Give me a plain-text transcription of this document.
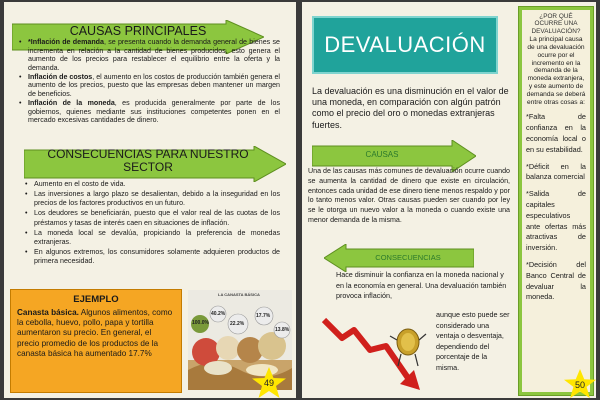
CAUSAS PRINCIPALES
• *Inflación de demanda, se presenta cuando la demanda general de bienes se incrementa en relación a la cantidad de bienes producidos, esto genera el aumento de los precios para restablecer el equilibrio entre la oferta y la demanda.
• Inflación de costos, el aumento en los costos de producción también genera el aumento de los precios, puesto que las empresas deben mantener un margen de beneficios.
• Inflación de la moneda, es producida generalmente por parte de los gobiernos, quienes mediante sus instituciones competentes ponen en el mercado excesivas cantidades de dinero.
CONSECUENCIAS PARA NUESTRO SECTOR
• Aumento en el costo de vida.
• Las inversiones a largo plazo se desalientan, debido a la inseguridad en los precios de los factores productivos en un futuro.
• Los deudores se beneficiarán, puesto que el valor real de las cuotas de los préstamos y tasas de interés caen en situaciones de inflación.
• La moneda local se devalúa, propiciando la preferencia de monedas extranjeras.
• En algunos extremos, los consumidores solamente adquieren productos de primera necesidad.
EJEMPLO
Canasta básica. Algunos alimentos, como la cebolla, huevo, pollo, papa y tortilla aumentaron su precio. En general, el precio promedio de los productos de la canasta básica ha aumentado 17.7%
LA CANASTA BÁSICA
100.0%	22.2%
17.7%
13.8%
40.2%
49
DEVALUACIÓN
La devaluación es una disminución en el valor de una moneda, en comparación con algún patrón como el precio del oro o monedas extranjeras fuertes.
CAUSAS
Una de las causas más comunes de devaluación ocurre cuando se aumenta la cantidad de dinero que existe en circulación, entonces cada unidad de ese dinero tiene menos respaldo y por lo tanto menos valor. Otras causas pueden ser cuando por ley se le otorga un nuevo valor a la moneda o cuando existe una menor demanda de la misma.
CONSECUENCIAS
Hace disminuir la confianza en la moneda nacional y en la economía en general. Una devaluación también provoca inflación,
aunque esto puede ser considerado una ventaja o desventaja, dependiendo del porcentaje de la misma.
¿POR QUÉ OCURRE UNA DEVALUACIÓN?
La principal causa de una devaluación ocurre por el incremento en la demanda de la moneda extranjera, y este aumento de demanda se deberá entre otras cosas a:
*Falta de confianza en la economía local o en su estabilidad.
*Déficit en la balanza comercial
*Salida de capitales especulativos ante ofertas más atractivas de inversión.
*Decisión del Banco Central de devaluar la moneda.
50
